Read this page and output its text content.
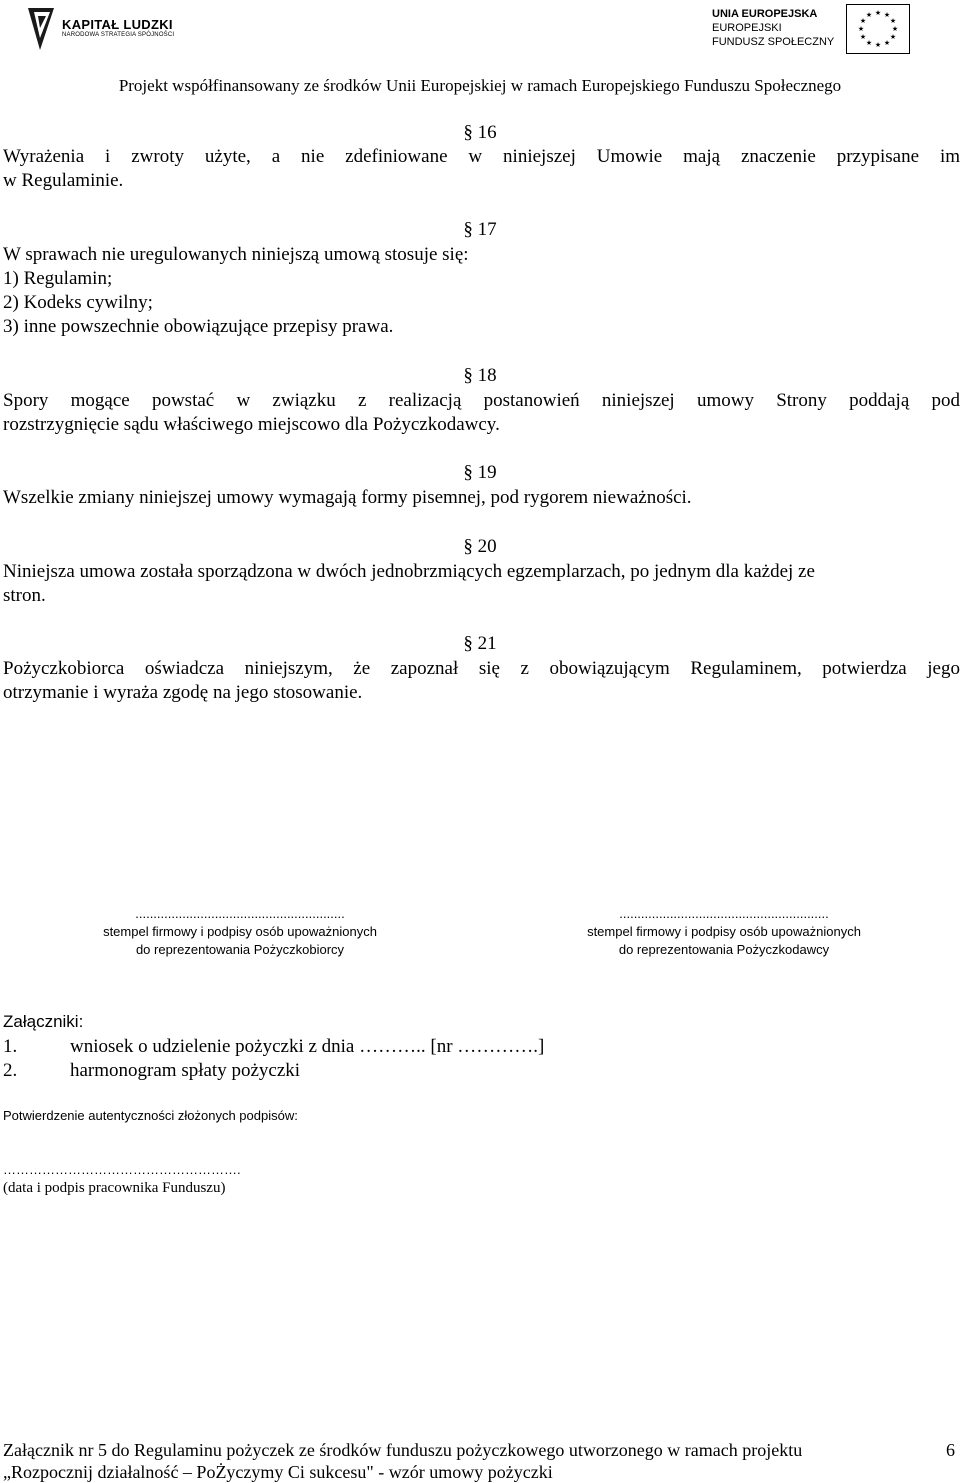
KAPITAŁ LUDZKI
NARODOWA STRATEGIA SPÓJNOŚCI
UNIA EUROPEJSKA
EUROPEJSKI
FUNDUSZ SPOŁECZNY
★ ★
★
★
★
★
★
★
★
★
★
★
Projekt współfinansowany ze środków Unii Europejskiej w ramach Europejskiego Funduszu Społecznego
§ 16
Wyrażenia i zwroty użyte, a nie zdefiniowane w niniejszej Umowie mają znaczenie przypisane im
w Regulaminie.
§ 17
W sprawach nie uregulowanych niniejszą umową stosuje się:
1) Regulamin;
2) Kodeks cywilny;
3) inne powszechnie obowiązujące przepisy prawa.
§ 18
Spory mogące powstać w związku z realizacją postanowień niniejszej umowy Strony poddają pod
rozstrzygnięcie sądu właściwego miejscowo dla Pożyczkodawcy.
§ 19
Wszelkie zmiany niniejszej umowy wymagają formy pisemnej, pod rygorem nieważności.
§ 20
Niniejsza umowa została sporządzona w dwóch jednobrzmiących egzemplarzach, po jednym dla każdej ze
stron.
§ 21
Pożyczkobiorca oświadcza niniejszym, że zapoznał się z obowiązującym Regulaminem, potwierdza jego
otrzymanie i wyraża zgodę na jego stosowanie.
..........................................................
stempel firmowy i podpisy osób upoważnionych
do reprezentowania Pożyczkobiorcy
..........................................................
stempel firmowy i podpisy osób upoważnionych
do reprezentowania Pożyczkodawcy
Załączniki:
1.	wniosek o udzielenie pożyczki z dnia ……….. [nr ………….]
2.	harmonogram spłaty pożyczki
Potwierdzenie autentyczności złożonych podpisów:
……………………………………………….
(data i podpis pracownika Funduszu)
Załącznik nr 5 do Regulaminu pożyczek ze środków funduszu pożyczkowego utworzonego w ramach projektu
„Rozpocznij działalność – PoŻyczymy Ci sukcesu" - wzór umowy pożyczki
6
